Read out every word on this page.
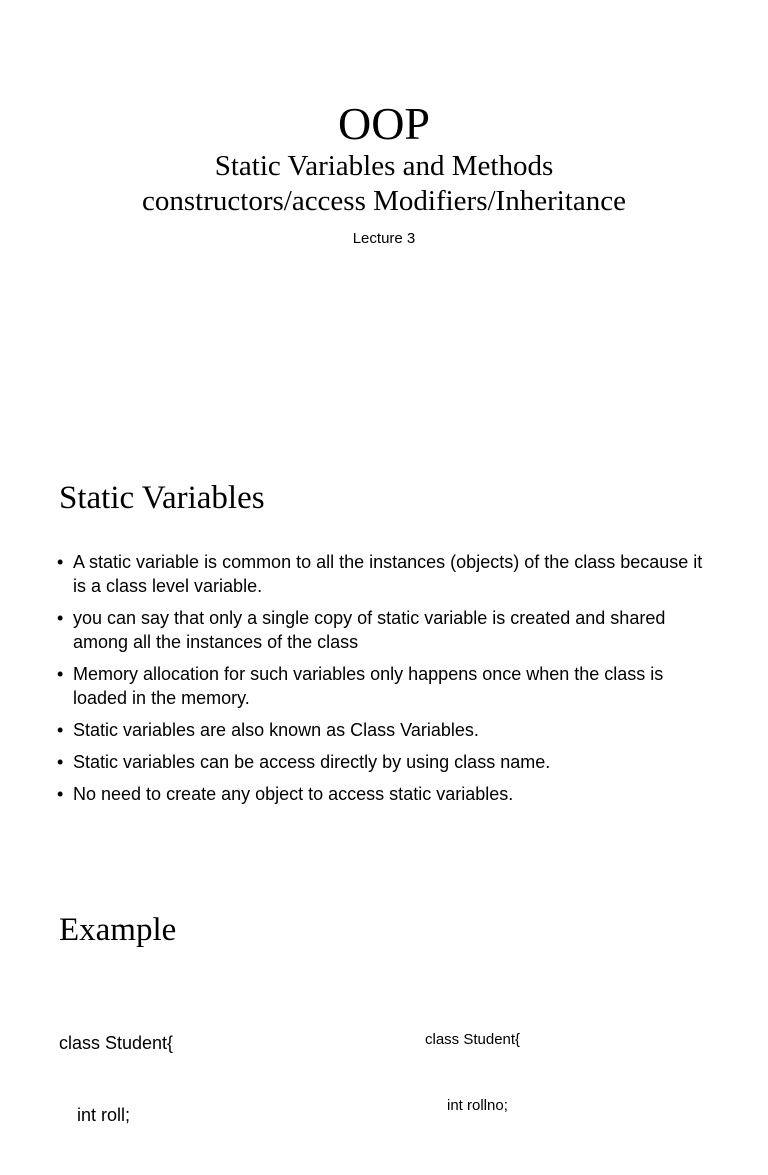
OOP
Static Variables and Methods
constructors/access Modifiers/Inheritance
Lecture 3
Static Variables
• A static variable is common to all the instances (objects) of the class because it is a class level variable.
• you can say that only a single copy of static variable is created and shared among all the instances of the class
• Memory allocation for such variables only happens once when the class is loaded in the memory.
• Static variables are also known as Class Variables.
• Static variables can be access directly by using class name.
• No need to create any object to access static variables.
Example

class Student{

int roll;

class Student{

int rollno;
